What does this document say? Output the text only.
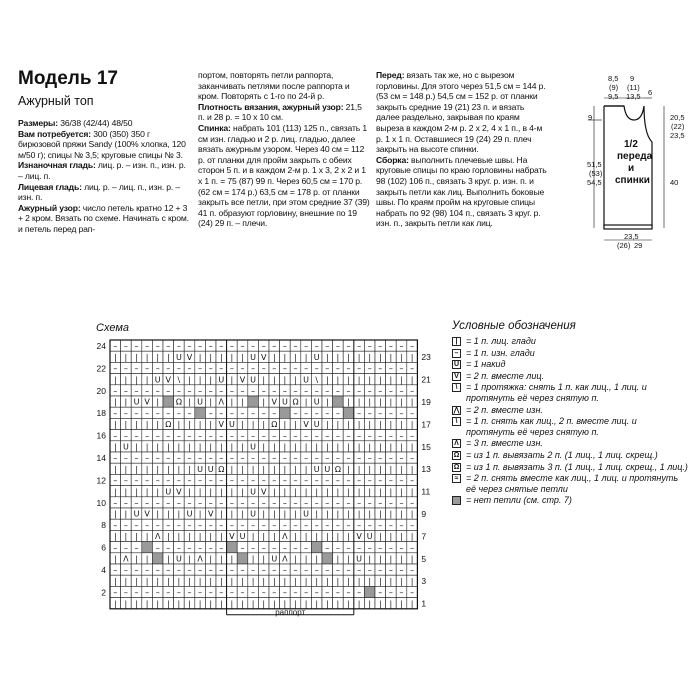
Модель 17
Ажурный топ

Размеры: 36/38 (42/44) 48/50

Вам потребуется: 300 (350) 350 г бирюзовой пряжи Sandy (100% хлопка, 120 м/50 г); спицы № 3,5; круговые спицы № 3.

Изнаночная гладь: лиц. р. – изн. п., изн. р. – лиц. п.

Лицевая гладь: лиц. р. – лиц. п., изн. р. – изн. п.

Ажурный узор: число петель кратно 12 + 3 + 2 кром. Вязать по схеме. Начинать с кром. и петель перед рап-

портом, повторять петли раппорта, заканчивать петлями после раппорта и кром. Повторять с 1-го по 24-й р.

Плотность вязания, ажурный узор: 21,5 п. и 28 р. = 10 х 10 см.

Спинка: набрать 101 (113) 125 п., связать 1 см изн. гладью и 2 р. лиц. гладью, далее вязать ажурным узором. Через 40 см = 112 р. от планки для пройм закрыть с обеих сторон 5 п. и в каждом 2-м р. 1 х 3, 2 х 2 и 1 х 1 п. = 75 (87) 99 п. Через 60,5 см = 170 р. (62 см = 174 р.) 63,5 см = 178 р. от планки закрыть все петли, при этом средние 37 (39) 41 п. образуют горловину, внешние по 19 (24) 29 п. – плечи.

Перед: вязать так же, но с вырезом горловины. Для этого через 51,5 см = 144 р. (53 см = 148 р.) 54,5 см = 152 р. от планки закрыть средние 19 (21) 23 п. и вязать далее раздельно, закрывая по краям выреза в каждом 2-м р. 2 х 2, 4 х 1 п., в 4-м р. 1 х 1 п. Оставшиеся 19 (24) 29 п. плеч закрыть на высоте спинки.

Сборка: выполнить плечевые швы. На круговые спицы по краю горловины набрать 98 (102) 106 п., связать 3 круг. р. изн. п. и закрыть петли как лиц. Выполнить боковые швы. По краям пройм на круговые спицы набрать по 92 (98) 104 п., связать 3 круг. р. изн. п., закрыть петли как лиц.

8,5
(9)
9,5
9
(11)
13,5 6
9
51,5
(53)
54,5
20,5
(22)
23,5
40
1/2
переда
и
спинки
23,5
(26) 29
Схема
– – – – – – – – – – – – – – – – – – – – – – – – – – – – –
| | | | | | U V | | | | | U V | | | | U | | | | | | | | |
– – – – – – – – – – – – – – – – – – – – – – – – – – – – –
| | | | U V \ | | | U | V U | | | | U \ | | | | | | | | |
– – – – – – – – – – – – – – – – – – – – – – – – – – – – –
| | U V | Ω | U | Λ | | | V U Ω | U | | | | | | | |
– – – – – – – – – – – – – – – – – – – – – – – – – –
| | | | | Ω | | | | V U | | | Ω | | V U | | | | | | | | |
– – – – – – – – – – – – – – – – – – – – – – – – – – – – –
| U | | | | | | | | | | | U | | | | | | | | | | | | | | |
– – – – – – – – – – – – – – – – – – – – – – – – – – – – –
| | | | | | | | U U Ω | | | | | | | | U U Ω | | | | | | |
– – – – – – – – – – – – – – – – – – – – – – – – – – – – –
| | | | | U V | | | | | | U V | | | | | | | | | | | | | |
– – – – – – – – – – – – – – – – – – – – – – – – – – – – –
| | U V | | | U | V | | | U | | | | U | | | | | | | | | |
– – – – – – – – – – – – – – – – – – – – – – – – – – – – –
| | | | Λ | | | | | | V U | | | Λ | | | | | | V U | | | |
– – – – – – – – – – – – – – – – – – – – – – – – – –
| Λ | | | U | Λ | | | | | U Λ | | | | | U | | | | |
– – – – – – – – – – – – – – – – – – – – – – – – – – – – –
| | | | | | | | | | | | | | | | | | | | | | | | | | | | |
– – – – – – – – – – – – – – – – – – – – – – – – – – – –
| | | | | | | | | | | | | | | | | | | | | | | | | | | | |
раппорт
24
22
20
18
16
14
12
10
8
6
4
2
23
21
19
17
15
13
11
9
7
5
3
1
Условные обозначения
| = 1 п. лиц. глади
– = 1 п. изн. глади
U = 1 накид
V = 2 п. вместе лиц.
\ = 1 протяжка: снять 1 п. как лиц., 1 лиц. и протянуть её через снятую п.
⋀ = 2 п. вместе изн.
\ = 1 п. снять как лиц., 2 п. вместе лиц. и протянуть её через снятую п.
Λ = 3 п. вместе изн.
Ω = из 1 п. вывязать 2 п. (1 лиц., 1 лиц. скрещ.)
Ω = из 1 п. вывязать 3 п. (1 лиц., 1 лиц. скрещ., 1 лиц.)
≈ = 2 п. снять вместе как лиц., 1 лиц. и протянуть её через снятые петли
= нет петли (см. стр. 7)
